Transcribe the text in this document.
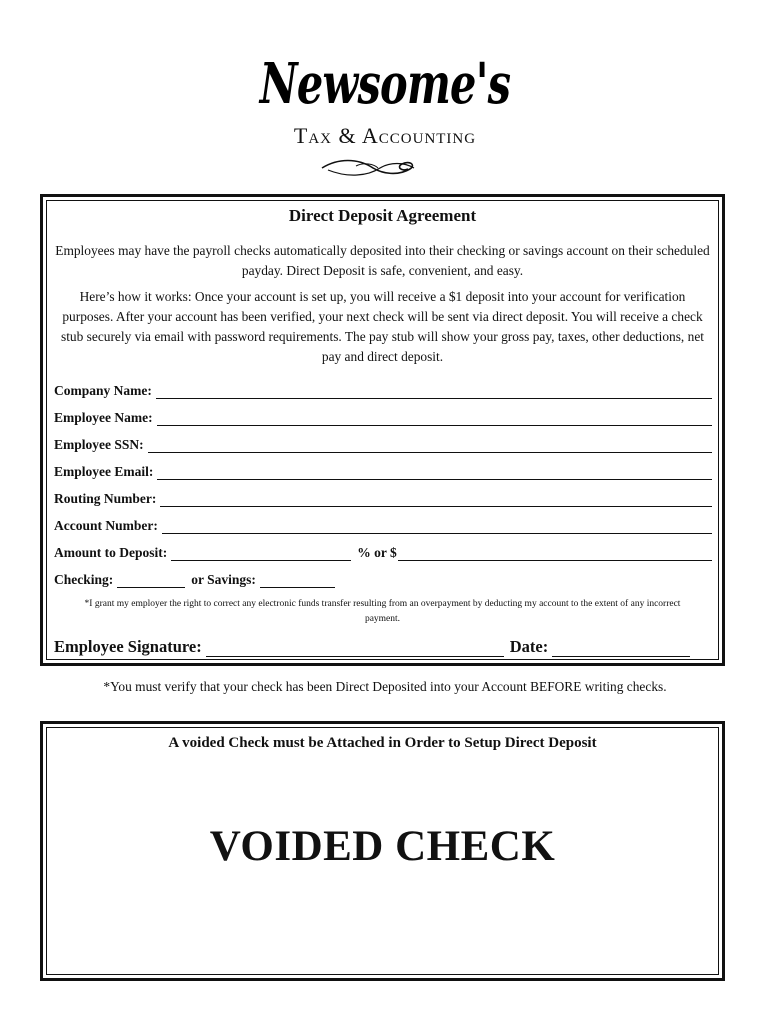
Newsome's
Tax & Accounting
Direct Deposit Agreement
Employees may have the payroll checks automatically deposited into their checking or savings account on their scheduled payday. Direct Deposit is safe, convenient, and easy.
Here’s how it works: Once your account is set up, you will receive a $1 deposit into your account for verification purposes. After your account has been verified, your next check will be sent via direct deposit. You will receive a check stub securely via email with password requirements. The pay stub will show your gross pay, taxes, other deductions, net pay and direct deposit.
Company Name:
Employee Name:
Employee SSN:
Employee Email:
Routing Number:
Account Number:
Amount to Deposit:	% or $
Checking:	or Savings:
*I grant my employer the right to correct any electronic funds transfer resulting from an overpayment by deducting my account to the extent of any incorrect payment.
Employee Signature:	Date:
*You must verify that your check has been Direct Deposited into your Account BEFORE writing checks.
A voided Check must be Attached in Order to Setup Direct Deposit
VOIDED CHECK
